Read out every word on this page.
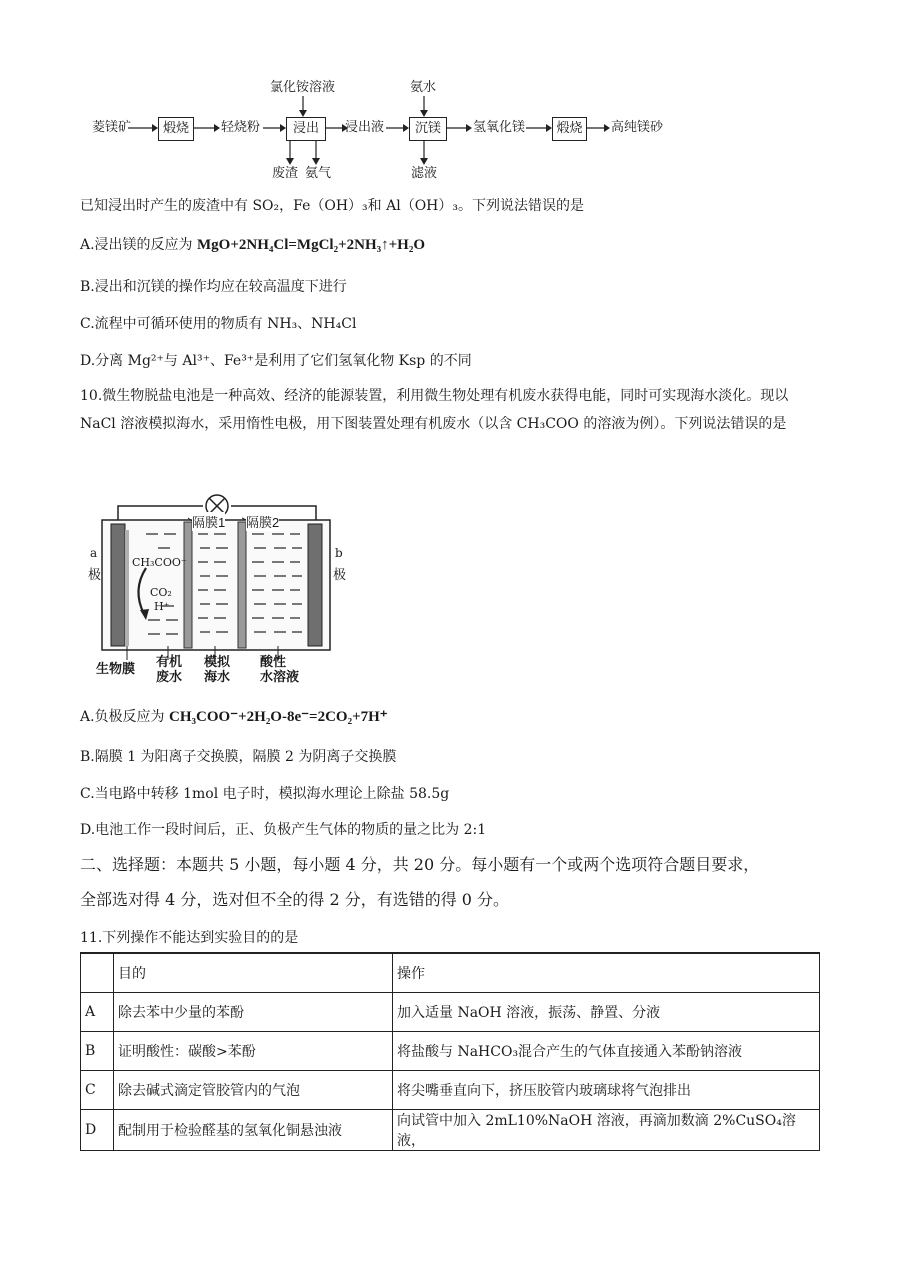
菱镁矿	煅烧	轻烧粉	浸出
氯化铵溶液
浸出液	沉镁
氨水
氢氧化镁	煅烧	高纯镁砂
废渣 氨气	滤液
已知浸出时产生的废渣中有 SO₂，Fe（OH）₃和 Al（OH）₃。下列说法错误的是
A.浸出镁的反应为 MgO+2NH₄Cl=MgCl₂+2NH₃↑+H₂O
B.浸出和沉镁的操作均应在较高温度下进行
C.流程中可循环使用的物质有 NH₃、NH₄Cl
D.分离 Mg²⁺与 Al³⁺、Fe³⁺是利用了它们氢氧化物 Ksp 的不同
10.微生物脱盐电池是一种高效、经济的能源装置，利用微生物处理有机废水获得电能，同时可实现海水淡化。现以 NaCl 溶液模拟海水，采用惰性电极，用下图装置处理有机废水（以含 CH₃COO 的溶液为例）。下列说法错误的是
隔膜1 隔膜2
a
极
b
极
CH₃COO⁻
CO₂
H⁺
生物膜 有机
废水
模拟
海水
酸性
水溶液
A.负极反应为 CH₃COO⁻+2H₂O-8e⁻=2CO₂+7H⁺
B.隔膜 1 为阳离子交换膜，隔膜 2 为阴离子交换膜
C.当电路中转移 1mol 电子时，模拟海水理论上除盐 58.5g
D.电池工作一段时间后，正、负极产生气体的物质的量之比为 2:1
二、选择题：本题共 5 小题，每小题 4 分，共 20 分。每小题有一个或两个选项符合题目要求，
全部选对得 4 分，选对但不全的得 2 分，有选错的得 0 分。
11.下列操作不能达到实验目的的是
	目的	操作
A	除去苯中少量的苯酚	加入适量 NaOH 溶液，振荡、静置、分液
B	证明酸性：碳酸>苯酚	将盐酸与 NaHCO₃混合产生的气体直接通入苯酚钠溶液
C	除去碱式滴定管胶管内的气泡	将尖嘴垂直向下，挤压胶管内玻璃球将气泡排出
D	配制用于检验醛基的氢氧化铜悬浊液	向试管中加入 2mL10%NaOH 溶液，再滴加数滴 2%CuSO₄溶液，
